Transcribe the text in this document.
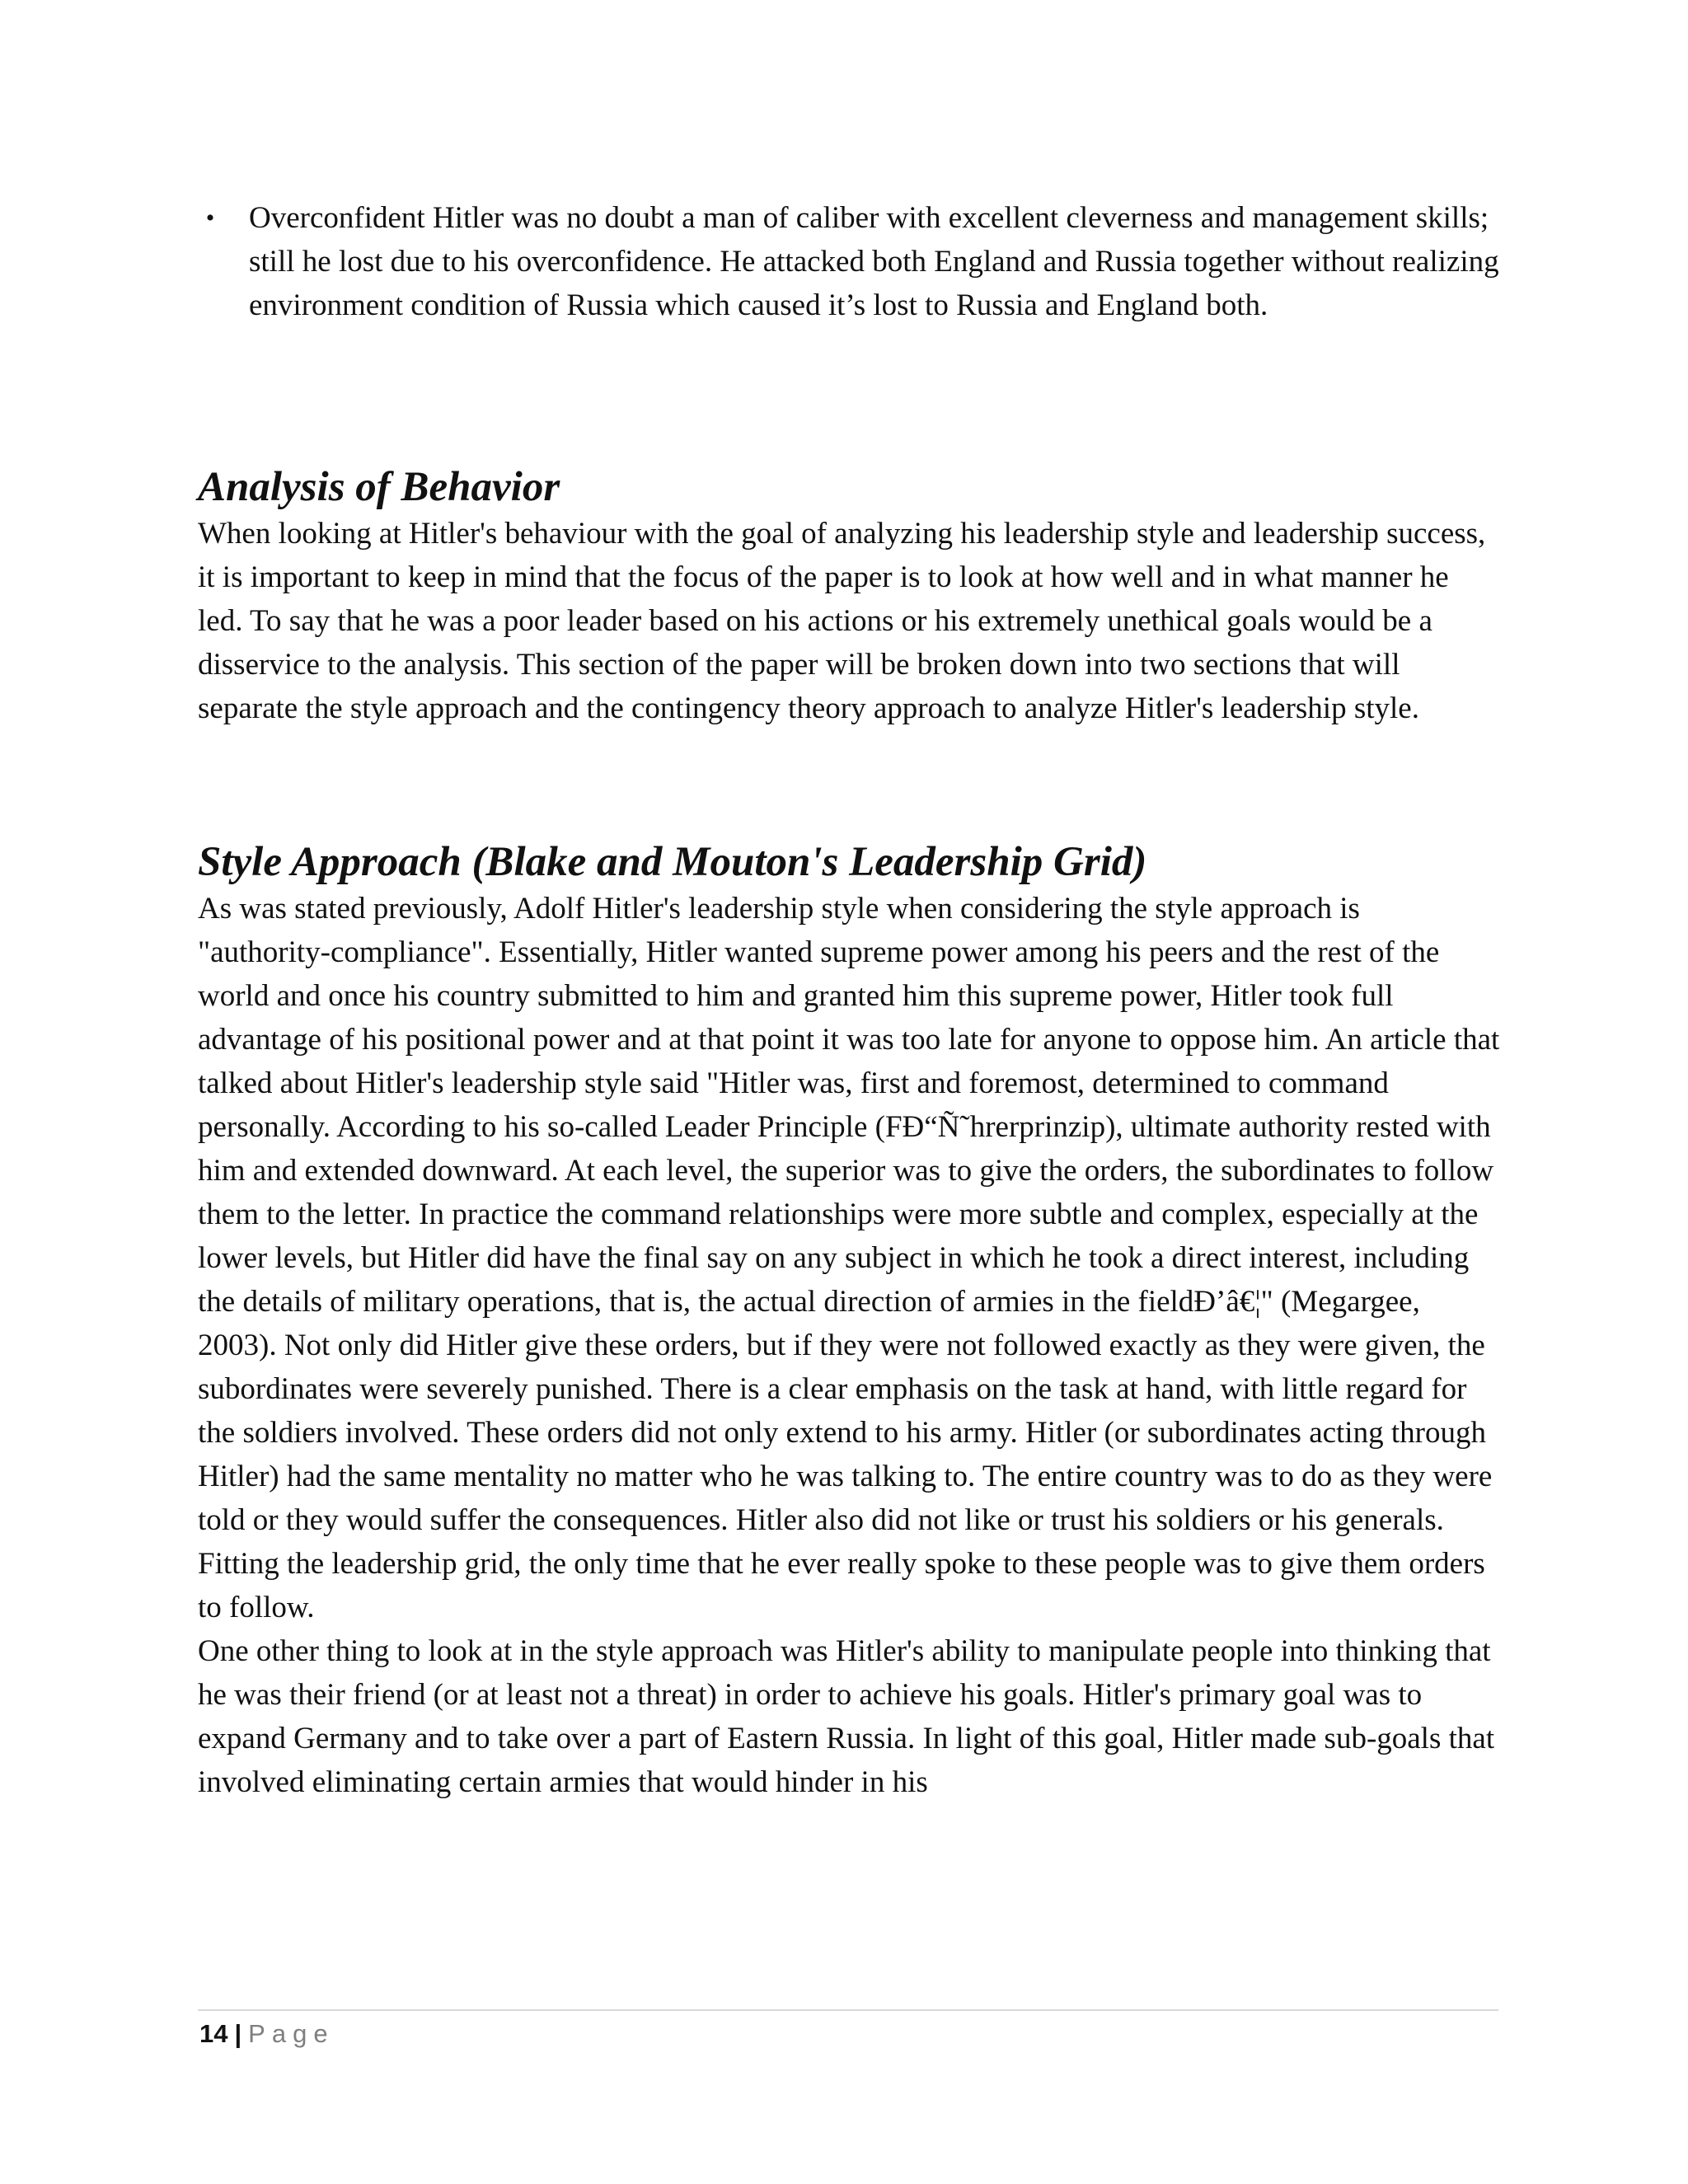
• Overconfident Hitler was no doubt a man of caliber with excellent cleverness and management skills; still he lost due to his overconfidence. He attacked both England and Russia together without realizing environment condition of Russia which caused it’s lost to Russia and England both.
Analysis of Behavior

When looking at Hitler's behaviour with the goal of analyzing his leadership style and leadership success, it is important to keep in mind that the focus of the paper is to look at how well and in what manner he led. To say that he was a poor leader based on his actions or his extremely unethical goals would be a disservice to the analysis. This section of the paper will be broken down into two sections that will separate the style approach and the contingency theory approach to analyze Hitler's leadership style.

Style Approach (Blake and Mouton's Leadership Grid)

As was stated previously, Adolf Hitler's leadership style when considering the style approach is "authority-compliance". Essentially, Hitler wanted supreme power among his peers and the rest of the world and once his country submitted to him and granted him this supreme power, Hitler took full advantage of his positional power and at that point it was too late for anyone to oppose him. An article that talked about Hitler's leadership style said "Hitler was, first and foremost, determined to command personally. According to his so-called Leader Principle (FÐ“Ñ˜hrerprinzip), ultimate authority rested with him and extended downward. At each level, the superior was to give the orders, the subordinates to follow them to the letter. In practice the command relationships were more subtle and complex, especially at the lower levels, but Hitler did have the final say on any subject in which he took a direct interest, including the details of military operations, that is, the actual direction of armies in the fieldÐ’â€¦" (Megargee, 2003). Not only did Hitler give these orders, but if they were not followed exactly as they were given, the subordinates were severely punished. There is a clear emphasis on the task at hand, with little regard for the soldiers involved. These orders did not only extend to his army. Hitler (or subordinates acting through Hitler) had the same mentality no matter who he was talking to. The entire country was to do as they were told or they would suffer the consequences. Hitler also did not like or trust his soldiers or his generals. Fitting the leadership grid, the only time that he ever really spoke to these people was to give them orders to follow.

One other thing to look at in the style approach was Hitler's ability to manipulate people into thinking that he was their friend (or at least not a threat) in order to achieve his goals. Hitler's primary goal was to expand Germany and to take over a part of Eastern Russia. In light of this goal, Hitler made sub-goals that involved eliminating certain armies that would hinder in his

14 | Page
